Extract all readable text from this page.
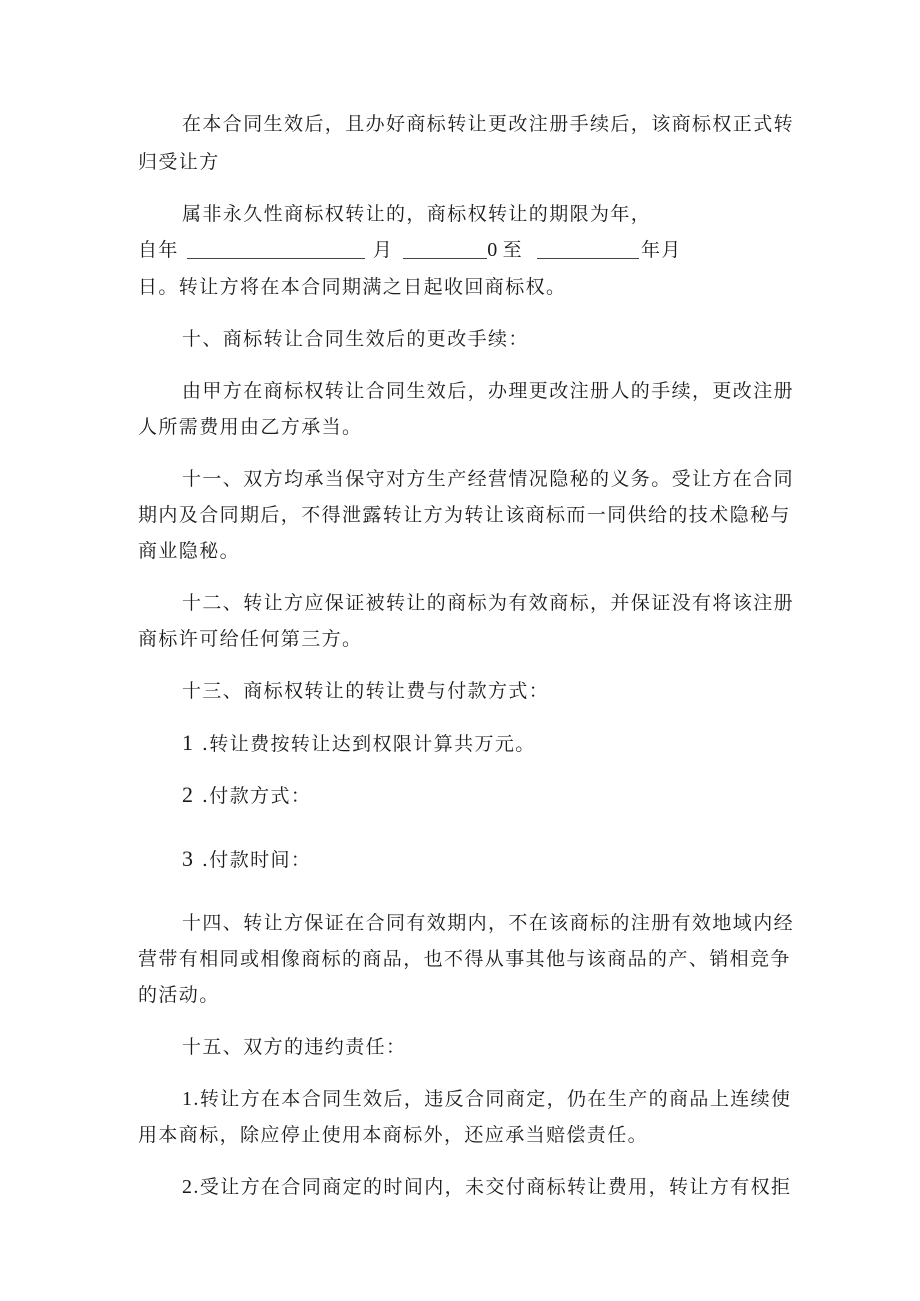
在本合同生效后，且办好商标转让更改注册手续后，该商标权正式转

归受让方

属非永久性商标权转让的，商标权转让的期限为年，

自年	月	0 至	年月

日。转让方将在本合同期满之日起收回商标权。

十、商标转让合同生效后的更改手续：

由甲方在商标权转让合同生效后，办理更改注册人的手续，更改注册

人所需费用由乙方承当。

十一、双方均承当保守对方生产经营情况隐秘的义务。受让方在合同

期内及合同期后，不得泄露转让方为转让该商标而一同供给的技术隐秘与

商业隐秘。

十二、转让方应保证被转让的商标为有效商标，并保证没有将该注册

商标许可给任何第三方。

十三、商标权转让的转让费与付款方式：

1 .转让费按转让达到权限计算共万元。

2 .付款方式：

3 .付款时间：

十四、转让方保证在合同有效期内，不在该商标的注册有效地域内经

营带有相同或相像商标的商品，也不得从事其他与该商品的产、销相竞争

的活动。

十五、双方的违约责任：

1.转让方在本合同生效后，违反合同商定，仍在生产的商品上连续使

用本商标，除应停止使用本商标外，还应承当赔偿责任。

2.受让方在合同商定的时间内，未交付商标转让费用，转让方有权拒
